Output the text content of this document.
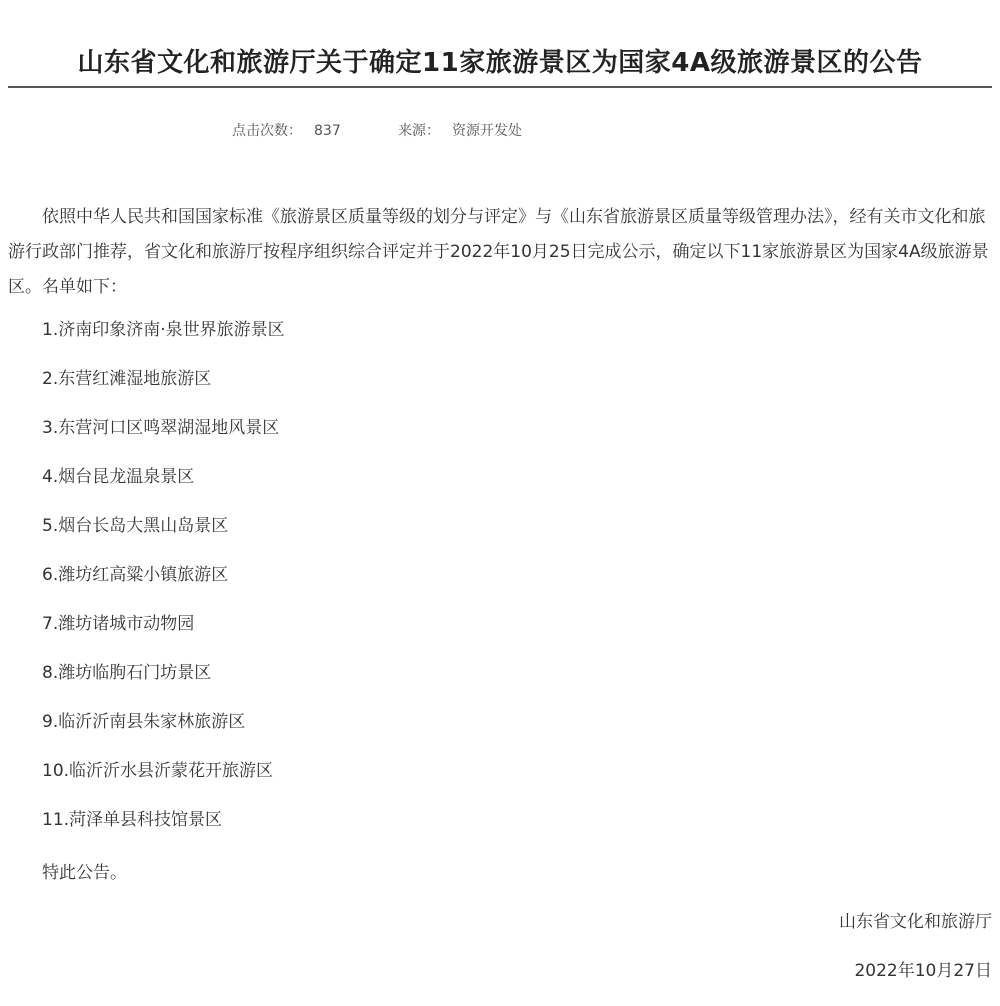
山东省文化和旅游厅关于确定11家旅游景区为国家4A级旅游景区的公告
点击次数： 837	来源： 资源开发处

依照中华人民共和国国家标准《旅游景区质量等级的划分与评定》与《山东省旅游景区质量等级管理办法》，经有关市文化和旅游行政部门推荐，省文化和旅游厅按程序组织综合评定并于2022年10月25日完成公示，确定以下11家旅游景区为国家4A级旅游景区。名单如下：

1.济南印象济南·泉世界旅游景区
2.东营红滩湿地旅游区
3.东营河口区鸣翠湖湿地风景区
4.烟台昆龙温泉景区
5.烟台长岛大黑山岛景区
6.潍坊红高粱小镇旅游区
7.潍坊诸城市动物园
8.潍坊临朐石门坊景区
9.临沂沂南县朱家林旅游区
10.临沂沂水县沂蒙花开旅游区
11.菏泽单县科技馆景区
特此公告。
山东省文化和旅游厅
2022年10月27日
